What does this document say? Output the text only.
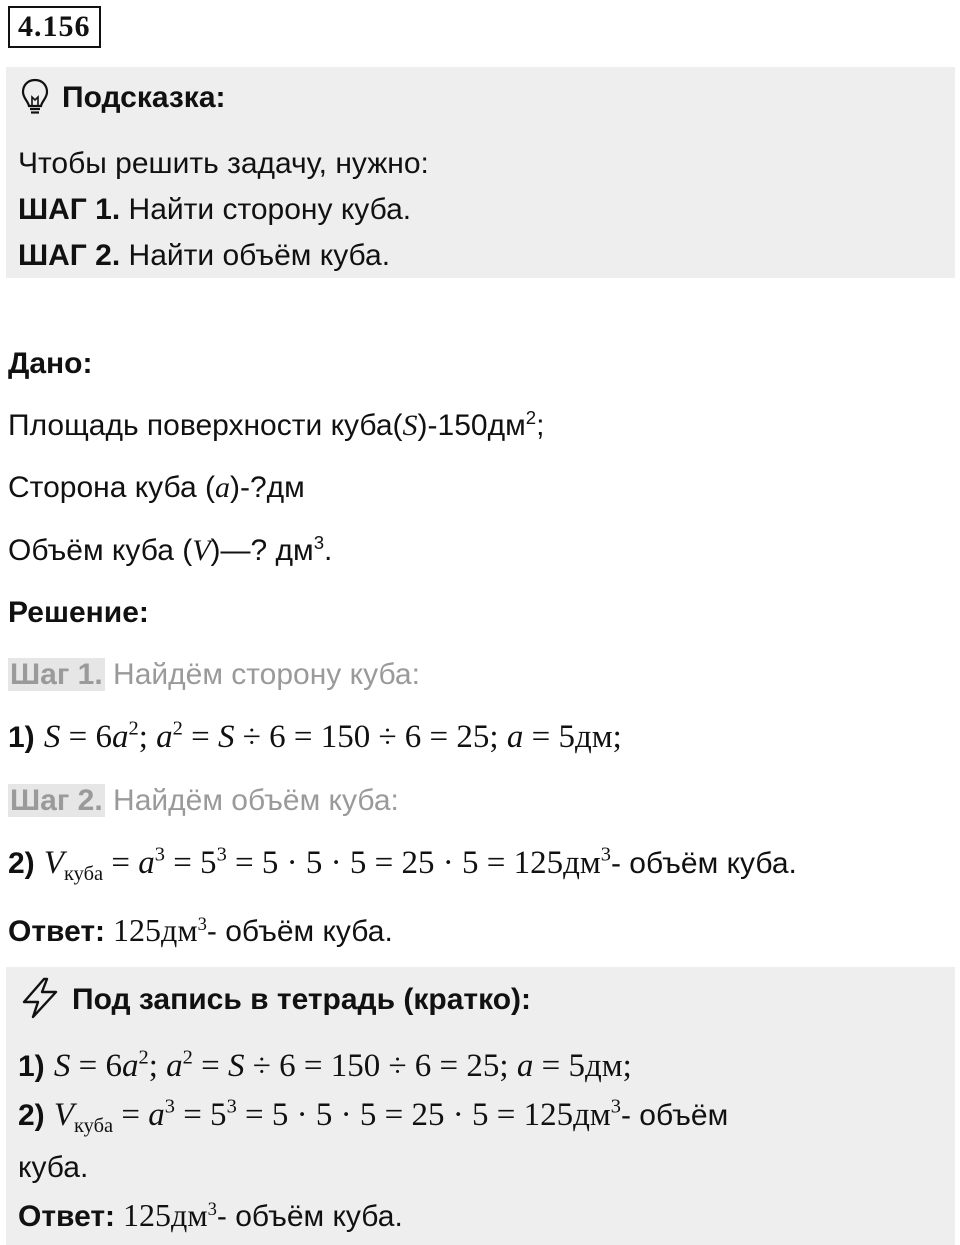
4.156
Подсказка:
Чтобы решить задачу, нужно:
ШАГ 1. Найти сторону куба.
ШАГ 2. Найти объём куба.
Дано:
Площадь поверхности $куба(S)-150дм^2$;
Сторона куба (a)-?дм
Объём куба (V)—? $дм^3$.
Решение:
Шаг 1. Найдём сторону куба:
1) $S = 6a^2$; $a^2 = S \div 6 = 150 \div 6 = 25$; a = 5дм;
Шаг 2. Найдём объём куба:
2) $V_{куба} = a^3 = 5^3 = 5 \cdot 5 \cdot 5 = 25 \cdot 5 = 125дм^3-$ объём куба.
Ответ: $125дм^3-$ объём куба.
Под запись в тетрадь (кратко):
1) $S = 6a^2$; $a^2 = S \div 6 = 150 \div 6 = 25$; a = 5дм;
2) $V_{куба} = a^3 = 5^3 = 5 \cdot 5 \cdot 5 = 25 \cdot 5 = 125дм^3-$ объём
куба.
Ответ: $125дм^3-$ объём куба.
